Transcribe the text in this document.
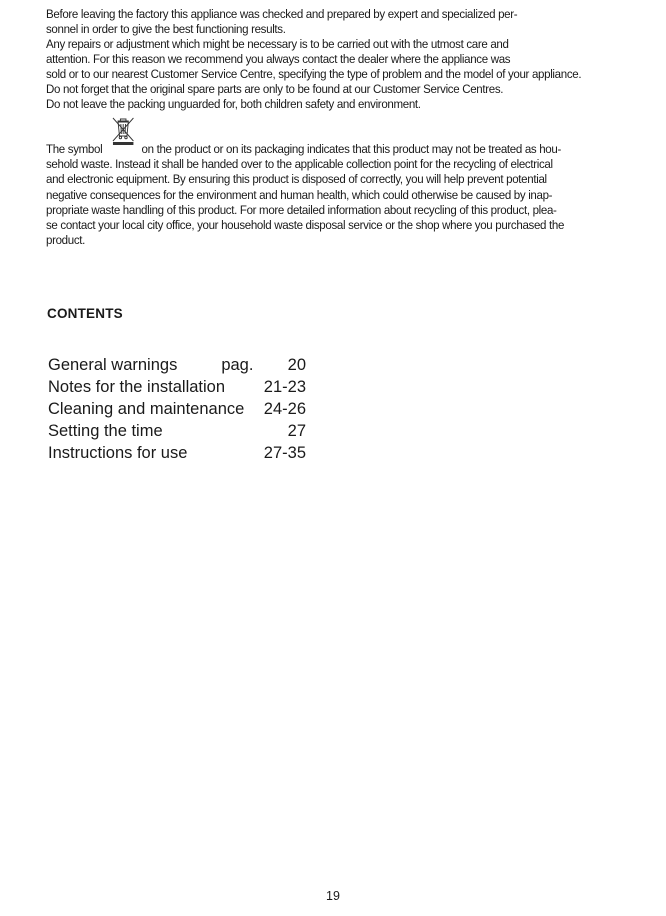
Before leaving the factory this appliance was checked and prepared by expert and specialized per-
sonnel in order to give the best functioning results.
Any repairs or adjustment which might be necessary is to be carried out with the utmost care and
attention. For this reason we recommend you always contact the dealer where the appliance was
sold or to our nearest Customer Service Centre, specifying the type of problem and the model of your appliance.
Do not forget that the original spare parts are only to be found at our Customer Service Centres.
Do not leave the packing unguarded for, both children safety and environment.
The symbol	on the product or on its packaging indicates that this product may not be treated as hou-
sehold waste. Instead it shall be handed over to the applicable collection point for the recycling of electrical
and electronic equipment. By ensuring this product is disposed of correctly, you will help prevent potential
negative consequences for the environment and human health, which could otherwise be caused by inap-
propriate waste handling of this product. For more detailed information about recycling of this product, plea-
se contact your local city office, your household waste disposal service or the shop where you purchased the
product.
CONTENTS
General warnings	pag. 20
Notes for the installation 21-23
Cleaning and maintenance 24-26
Setting the time	27
Instructions for use	27-35
19
